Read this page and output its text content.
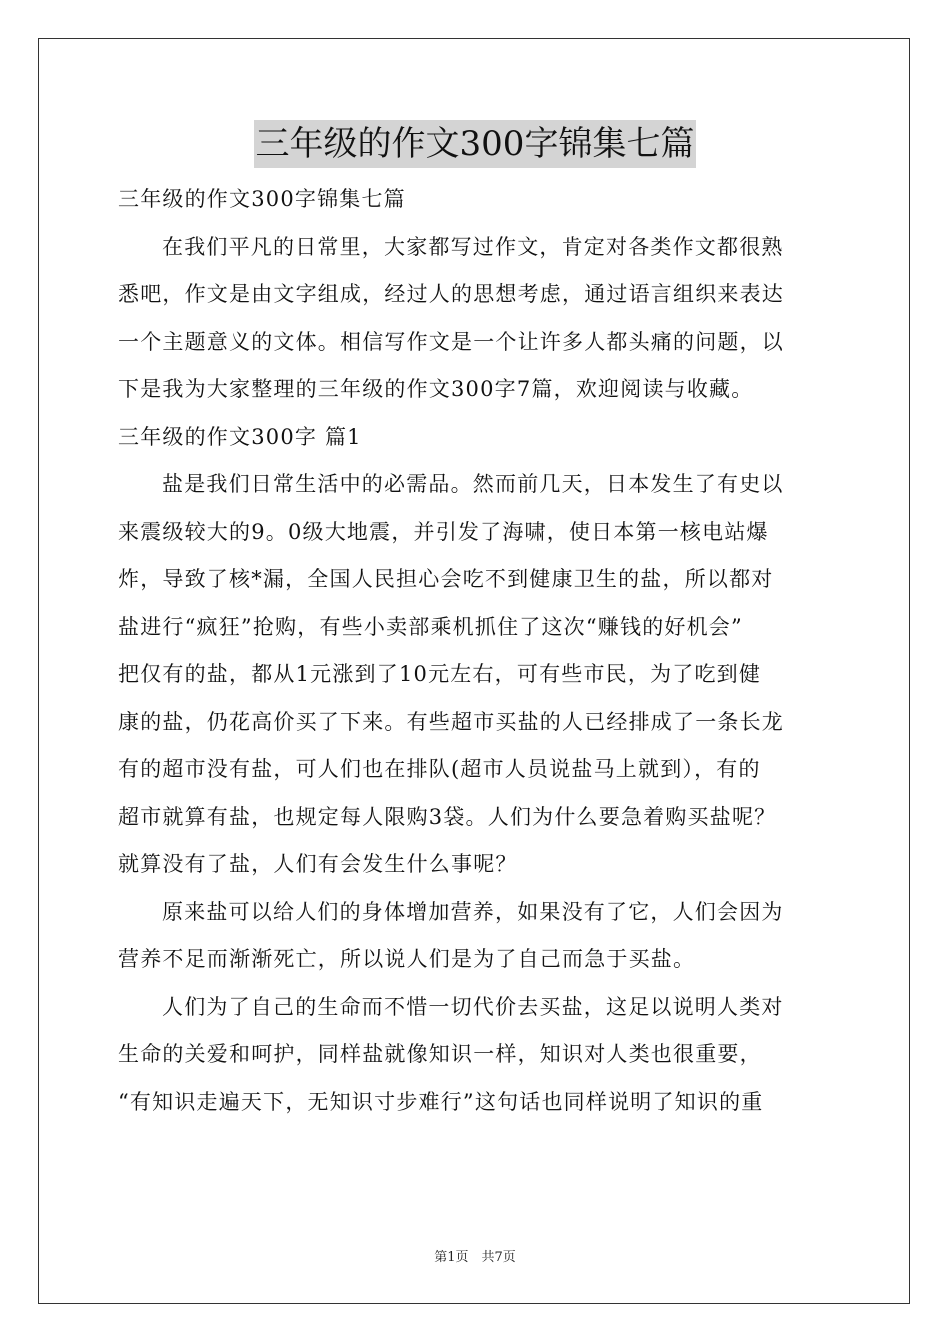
三年级的作文300字锦集七篇
三年级的作文300字锦集七篇
在我们平凡的日常里，大家都写过作文，肯定对各类作文都很熟
悉吧，作文是由文字组成，经过人的思想考虑，通过语言组织来表达
一个主题意义的文体。相信写作文是一个让许多人都头痛的问题，以
下是我为大家整理的三年级的作文300字7篇，欢迎阅读与收藏。
三年级的作文300字 篇1
盐是我们日常生活中的必需品。然而前几天，日本发生了有史以
来震级较大的9。0级大地震，并引发了海啸，使日本第一核电站爆
炸，导致了核*漏，全国人民担心会吃不到健康卫生的盐，所以都对
盐进行“疯狂”抢购，有些小卖部乘机抓住了这次“赚钱的好机会”
把仅有的盐，都从1元涨到了10元左右，可有些市民，为了吃到健
康的盐，仍花高价买了下来。有些超市买盐的人已经排成了一条长龙
有的超市没有盐，可人们也在排队(超市人员说盐马上就到），有的
超市就算有盐，也规定每人限购3袋。人们为什么要急着购买盐呢？
就算没有了盐，人们有会发生什么事呢？
原来盐可以给人们的身体增加营养，如果没有了它，人们会因为
营养不足而渐渐死亡，所以说人们是为了自己而急于买盐。
人们为了自己的生命而不惜一切代价去买盐，这足以说明人类对
生命的关爱和呵护，同样盐就像知识一样，知识对人类也很重要，
“有知识走遍天下，无知识寸步难行”这句话也同样说明了知识的重
第1页　共7页
